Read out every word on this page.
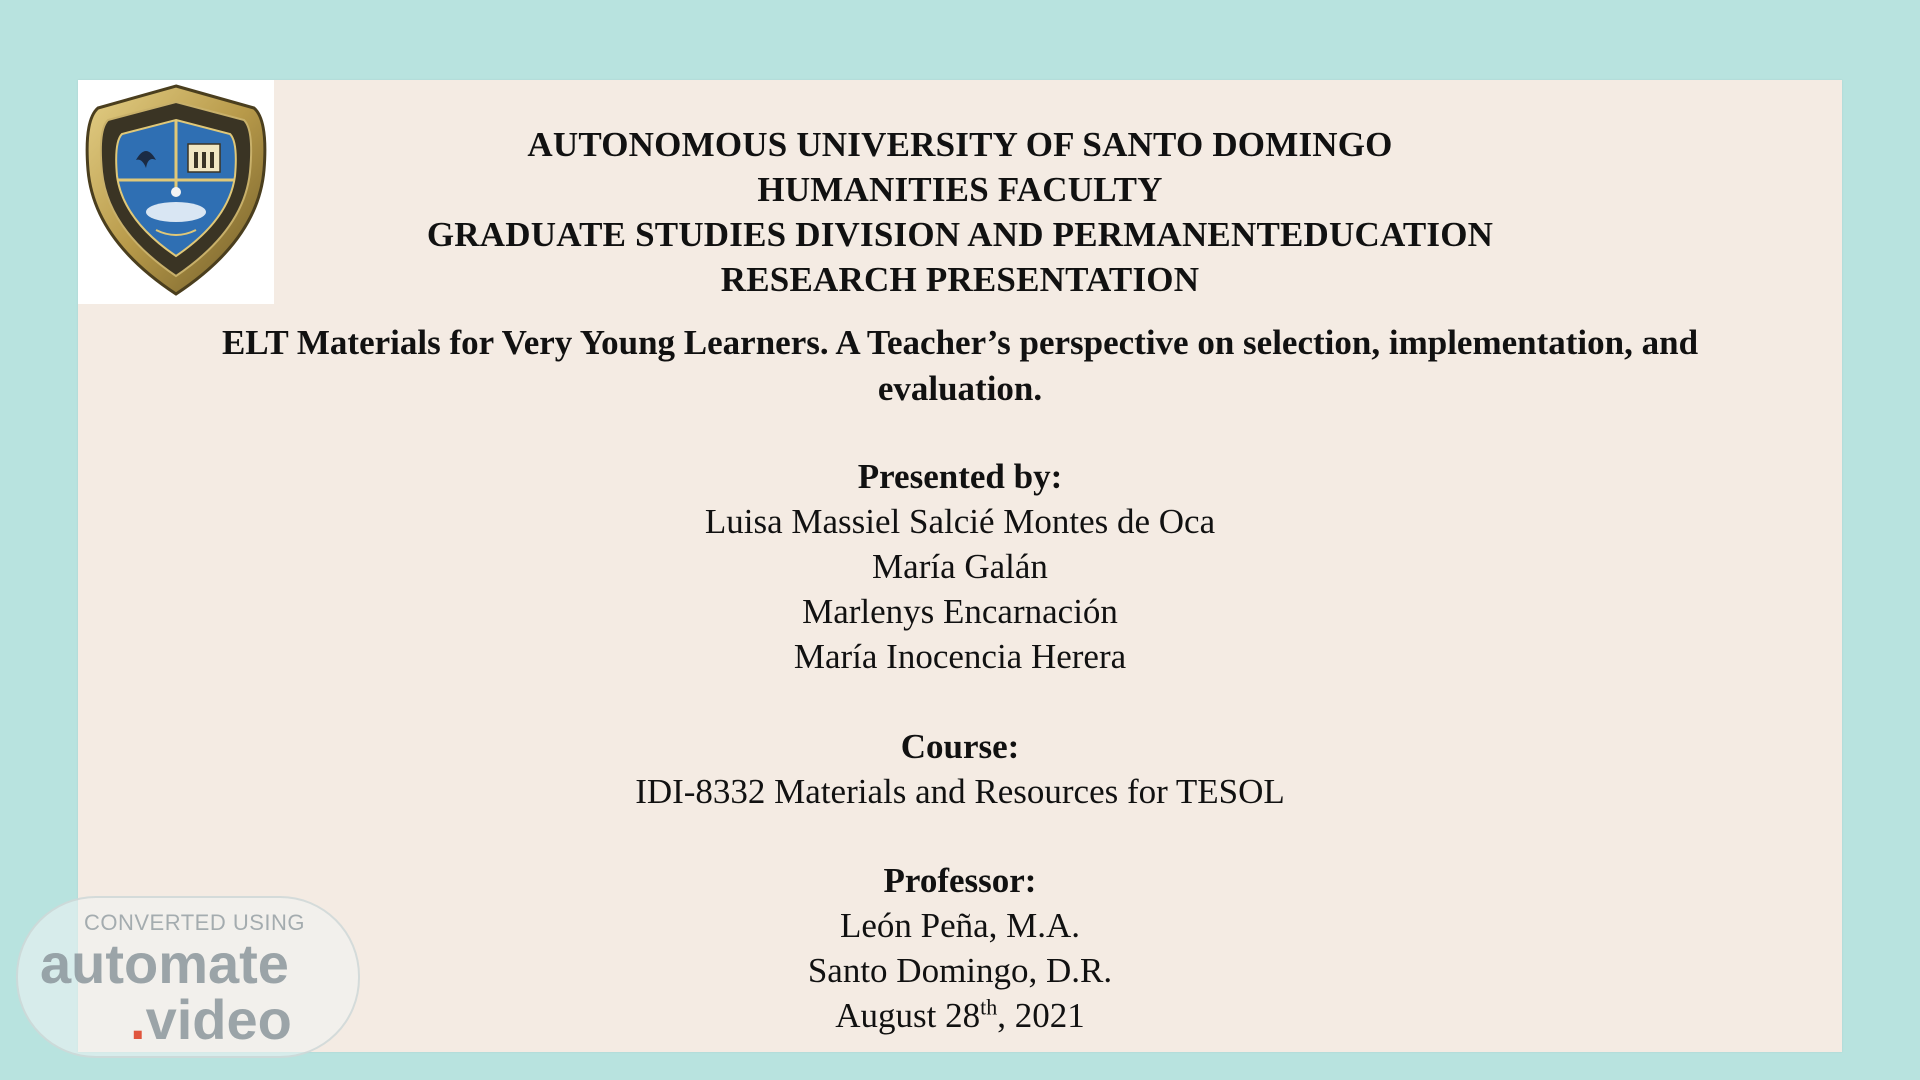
AUTONOMOUS UNIVERSITY OF SANTO DOMINGO
HUMANITIES FACULTY
GRADUATE STUDIES DIVISION AND PERMANENTEDUCATION
RESEARCH PRESENTATION
ELT Materials for Very Young Learners. A Teacher’s perspective on selection, implementation, and
evaluation.
Presented by:
Luisa Massiel Salcié Montes de Oca
María Galán
Marlenys Encarnación
María Inocencia Herera
Course:
IDI-8332 Materials and Resources for TESOL
Professor:
León Peña, M.A.
Santo Domingo, D.R.
August 28th, 2021
CONVERTED USING
automate
.video
